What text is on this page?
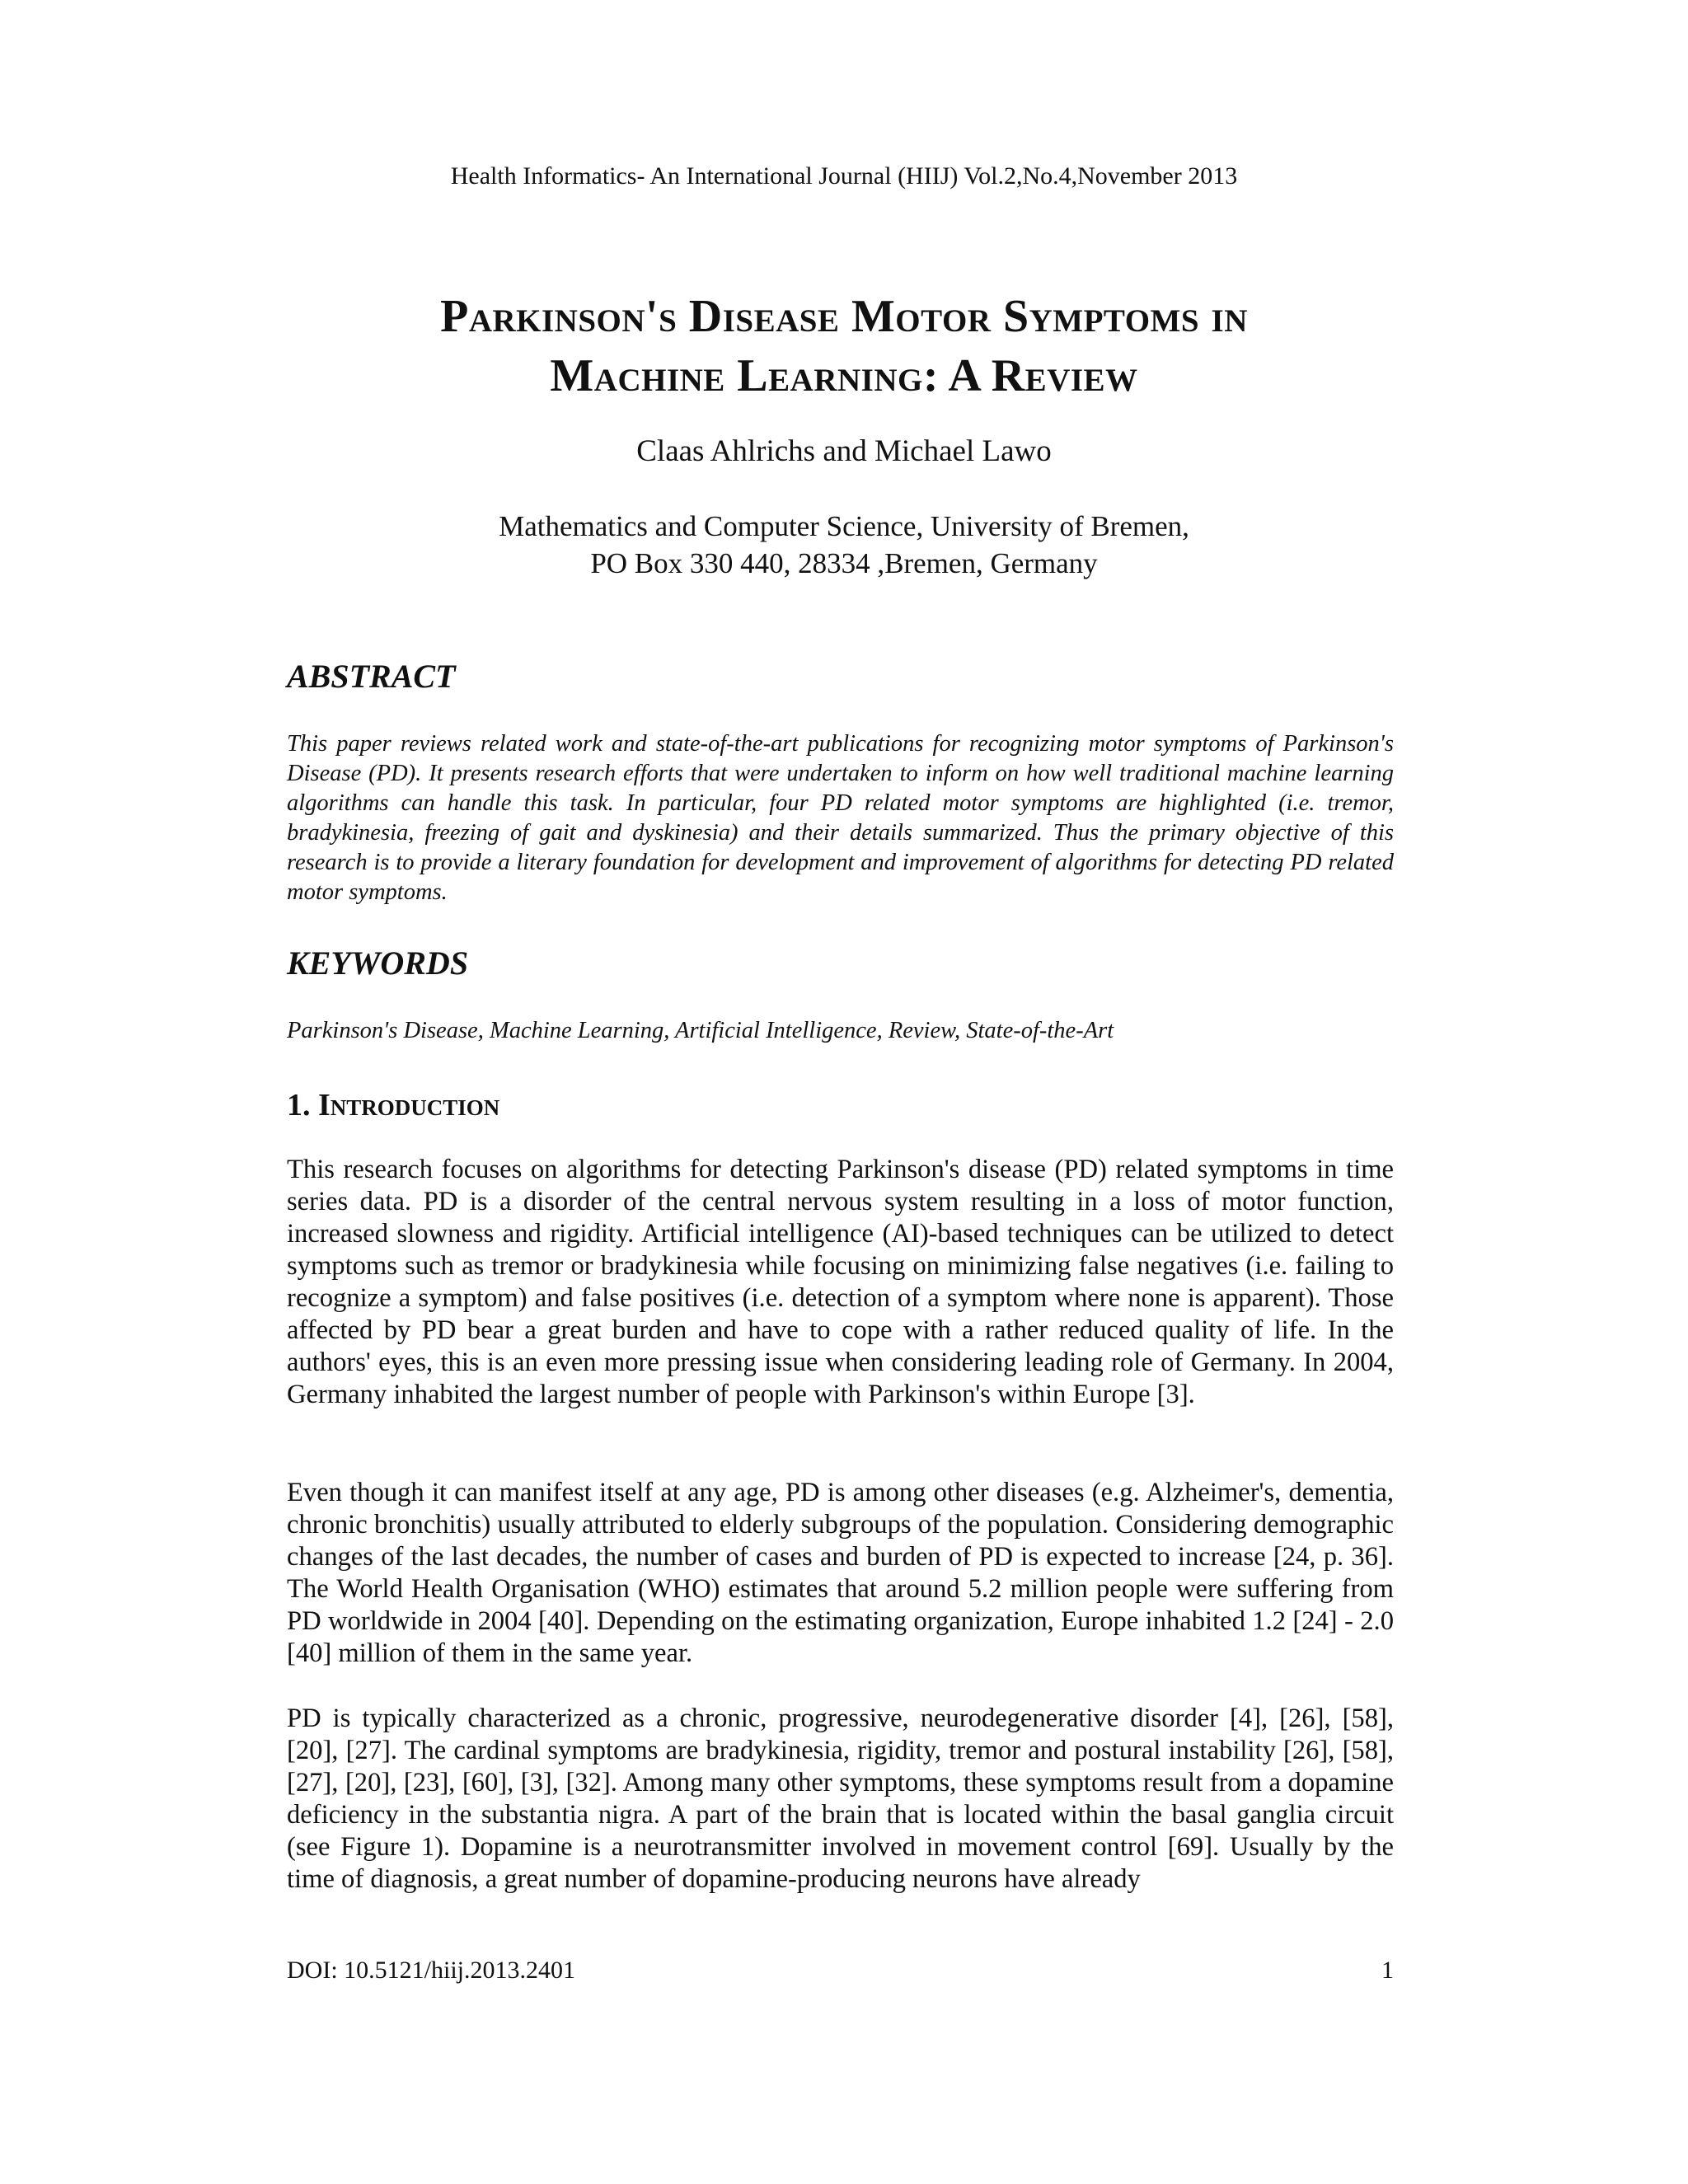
Health Informatics- An International Journal (HIIJ) Vol.2,No.4,November 2013
Parkinson's Disease Motor Symptoms in
Machine Learning: A Review
Claas Ahlrichs and Michael Lawo
Mathematics and Computer Science, University of Bremen,
PO Box 330 440, 28334 ,Bremen, Germany
ABSTRACT
This paper reviews related work and state-of-the-art publications for recognizing motor symptoms of Parkinson's Disease (PD). It presents research efforts that were undertaken to inform on how well traditional machine learning algorithms can handle this task. In particular, four PD related motor symptoms are highlighted (i.e. tremor, bradykinesia, freezing of gait and dyskinesia) and their details summarized. Thus the primary objective of this research is to provide a literary foundation for development and improvement of algorithms for detecting PD related motor symptoms.
KEYWORDS
Parkinson's Disease, Machine Learning, Artificial Intelligence, Review, State-of-the-Art
1. Introduction
This research focuses on algorithms for detecting Parkinson's disease (PD) related symptoms in time series data. PD is a disorder of the central nervous system resulting in a loss of motor function, increased slowness and rigidity. Artificial intelligence (AI)-based techniques can be utilized to detect symptoms such as tremor or bradykinesia while focusing on minimizing false negatives (i.e. failing to recognize a symptom) and false positives (i.e. detection of a symptom where none is apparent). Those affected by PD bear a great burden and have to cope with a rather reduced quality of life. In the authors' eyes, this is an even more pressing issue when considering leading role of Germany. In 2004, Germany inhabited the largest number of people with Parkinson's within Europe [3].
Even though it can manifest itself at any age, PD is among other diseases (e.g. Alzheimer's, dementia, chronic bronchitis) usually attributed to elderly subgroups of the population. Considering demographic changes of the last decades, the number of cases and burden of PD is expected to increase [24, p. 36]. The World Health Organisation (WHO) estimates that around 5.2 million people were suffering from PD worldwide in 2004 [40]. Depending on the estimating organization, Europe inhabited 1.2 [24] - 2.0 [40] million of them in the same year.
PD is typically characterized as a chronic, progressive, neurodegenerative disorder [4], [26], [58], [20], [27]. The cardinal symptoms are bradykinesia, rigidity, tremor and postural instability [26], [58], [27], [20], [23], [60], [3], [32]. Among many other symptoms, these symptoms result from a dopamine deficiency in the substantia nigra. A part of the brain that is located within the basal ganglia circuit (see Figure 1). Dopamine is a neurotransmitter involved in movement control [69]. Usually by the time of diagnosis, a great number of dopamine-producing neurons have already
DOI: 10.5121/hiij.2013.2401	1
